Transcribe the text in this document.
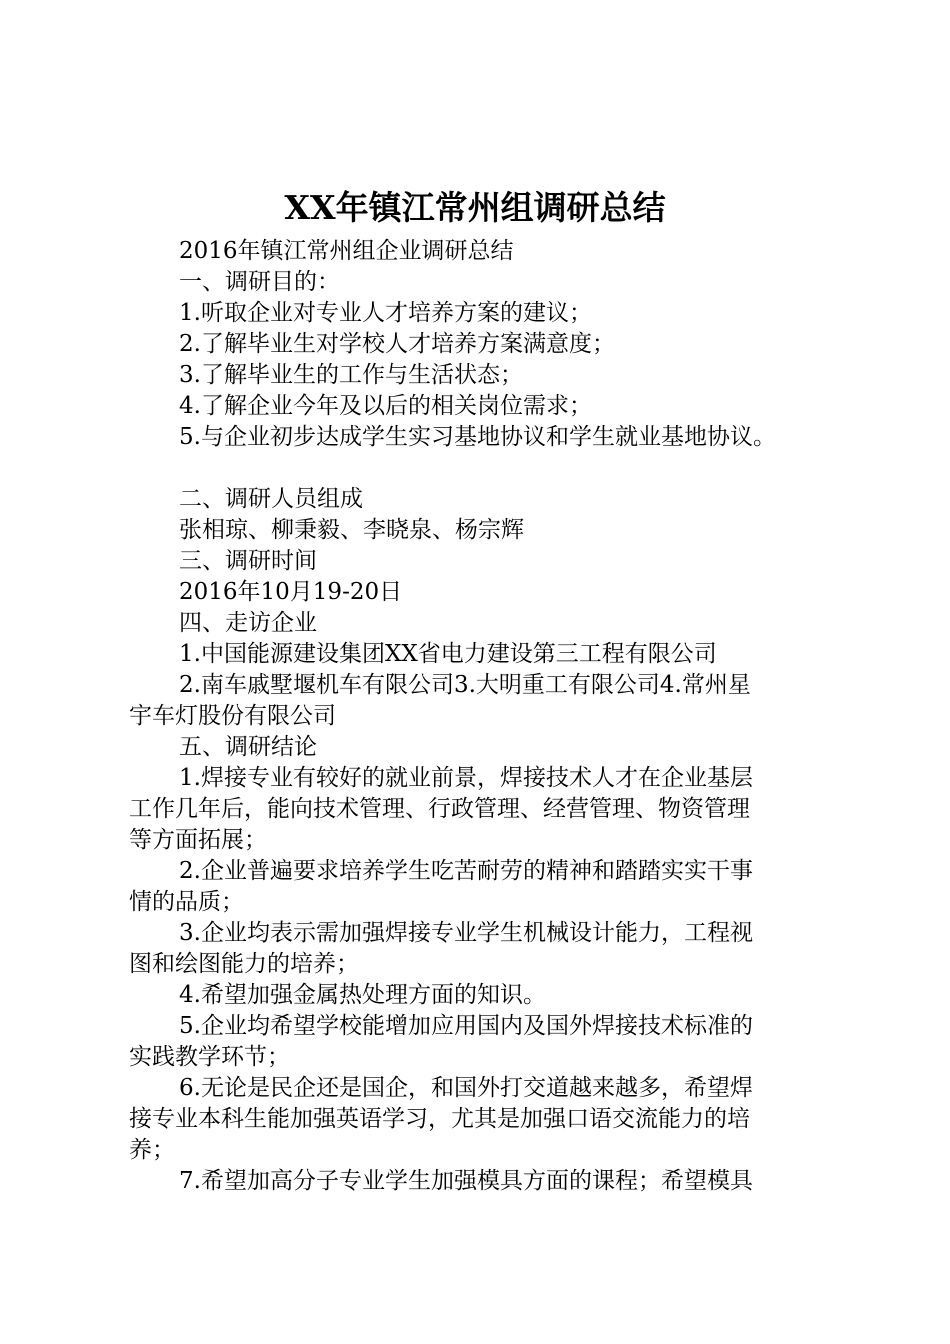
XX年镇江常州组调研总结
2016年镇江常州组企业调研总结
一、调研目的：
1.听取企业对专业人才培养方案的建议；
2.了解毕业生对学校人才培养方案满意度；
3.了解毕业生的工作与生活状态；
4.了解企业今年及以后的相关岗位需求；
5.与企业初步达成学生实习基地协议和学生就业基地协议。
二、调研人员组成
张相琼、柳秉毅、李晓泉、杨宗辉
三、调研时间
2016年10月19-20日
四、走访企业
1.中国能源建设集团XX省电力建设第三工程有限公司
2.南车戚墅堰机车有限公司3.大明重工有限公司4.常州星
宇车灯股份有限公司
五、调研结论
1.焊接专业有较好的就业前景，焊接技术人才在企业基层
工作几年后，能向技术管理、行政管理、经营管理、物资管理
等方面拓展；
2.企业普遍要求培养学生吃苦耐劳的精神和踏踏实实干事
情的品质；
3.企业均表示需加强焊接专业学生机械设计能力，工程视
图和绘图能力的培养；
4.希望加强金属热处理方面的知识。
5.企业均希望学校能增加应用国内及国外焊接技术标准的
实践教学环节；
6.无论是民企还是国企，和国外打交道越来越多，希望焊
接专业本科生能加强英语学习，尤其是加强口语交流能力的培
养；
7.希望加高分子专业学生加强模具方面的课程；希望模具
